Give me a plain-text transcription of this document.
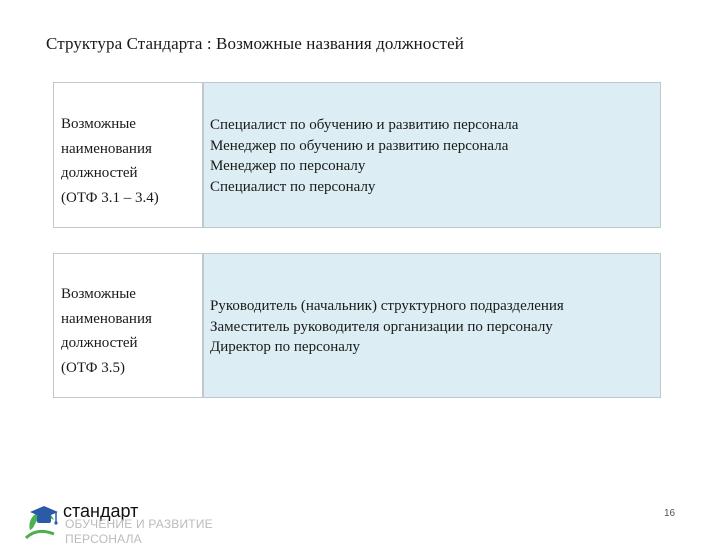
Структура Стандарта : Возможные названия должностей
Возможные
наименования
должностей
(ОТФ 3.1 – 3.4)
Специалист по обучению и развитию персонала
Менеджер по обучению и развитию персонала
Менеджер по персоналу
Специалист по персоналу
Возможные
наименования
должностей
(ОТФ 3.5)
Руководитель (начальник) структурного подразделения
Заместитель руководителя организации по персоналу
Директор по персоналу
стандарт
ОБУЧЕНИЕ И РАЗВИТИЕ ПЕРСОНАЛА
16
